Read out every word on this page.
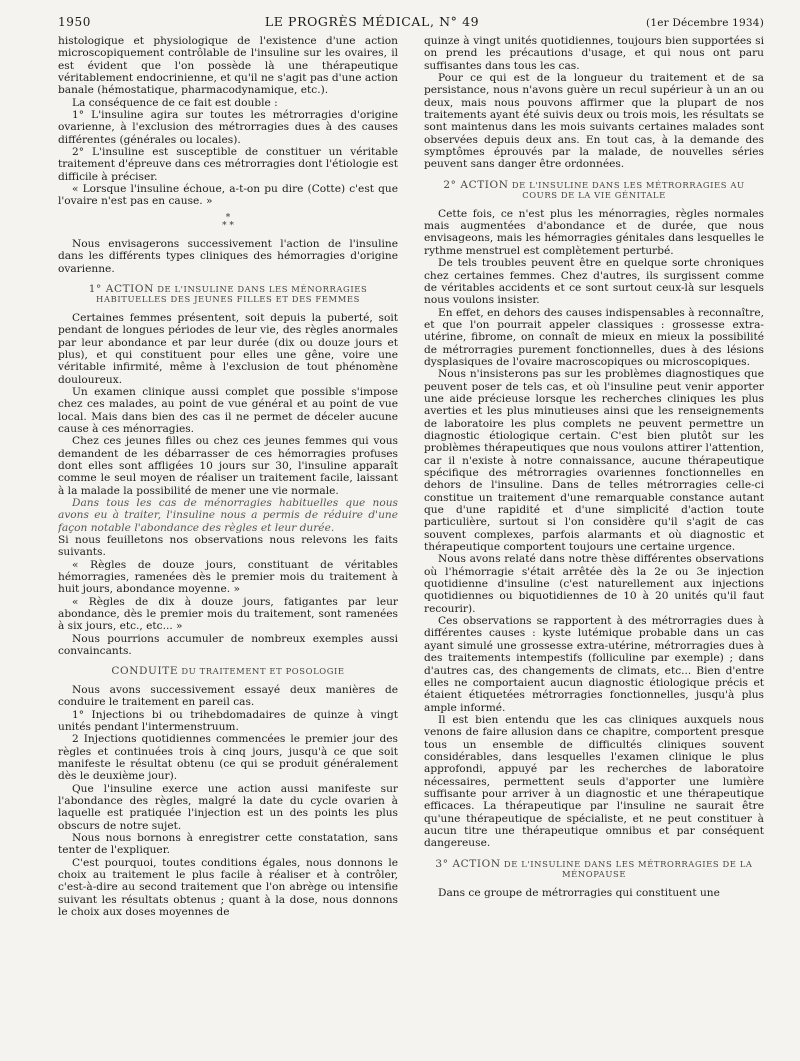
1950	LE PROGRÈS MÉDICAL, N° 49	(1er Décembre 1934)

histologique et physiologique de l'existence d'une action microscopiquement contrôlable de l'insuline sur les ovaires, il est évident que l'on possède là une thérapeutique véritablement endocrinienne, et qu'il ne s'agit pas d'une action banale (hémostatique, pharmacodynamique, etc.).

La conséquence de ce fait est double :

1° L'insuline agira sur toutes les métrorragies d'origine ovarienne, à l'exclusion des métrorragies dues à des causes différentes (générales ou locales).

2° L'insuline est susceptible de constituer un véritable traitement d'épreuve dans ces métrorragies dont l'étiologie est difficile à préciser.

« Lorsque l'insuline échoue, a-t-on pu dire (Cotte) c'est que l'ovaire n'est pas en cause. »

*
* *

Nous envisagerons successivement l'action de l'insuline dans les différents types cliniques des hémorragies d'origine ovarienne.

1° ACTION DE L'INSULINE DANS LES MÉNORRAGIES HABITUELLES DES JEUNES FILLES ET DES FEMMES

Certaines femmes présentent, soit depuis la puberté, soit pendant de longues périodes de leur vie, des règles anormales par leur abondance et par leur durée (dix ou douze jours et plus), et qui constituent pour elles une gêne, voire une véritable infirmité, même à l'exclusion de tout phénomène douloureux.

Un examen clinique aussi complet que possible s'impose chez ces malades, au point de vue général et au point de vue local. Mais dans bien des cas il ne permet de déceler aucune cause à ces ménorragies.

Chez ces jeunes filles ou chez ces jeunes femmes qui vous demandent de les débarrasser de ces hémorragies profuses dont elles sont affligées 10 jours sur 30, l'insuline apparaît comme le seul moyen de réaliser un traitement facile, laissant à la malade la possibilité de mener une vie normale.

Dans tous les cas de ménorragies habituelles que nous avons eu à traiter, l'insuline nous a permis de réduire d'une façon notable l'abondance des règles et leur durée.

Si nous feuilletons nos observations nous relevons les faits suivants.

« Règles de douze jours, constituant de véritables hémorragies, ramenées dès le premier mois du traitement à huit jours, abondance moyenne. »

« Règles de dix à douze jours, fatigantes par leur abondance, dès le premier mois du traitement, sont ramenées à six jours, etc., etc... »

Nous pourrions accumuler de nombreux exemples aussi convaincants.

CONDUITE DU TRAITEMENT ET POSOLOGIE

Nous avons successivement essayé deux manières de conduire le traitement en pareil cas.

1° Injections bi ou trihebdomadaires de quinze à vingt unités pendant l'intermenstruum.

2 Injections quotidiennes commencées le premier jour des règles et continuées trois à cinq jours, jusqu'à ce que soit manifeste le résultat obtenu (ce qui se produit généralement dès le deuxième jour).

Que l'insuline exerce une action aussi manifeste sur l'abondance des règles, malgré la date du cycle ovarien à laquelle est pratiquée l'injection est un des points les plus obscurs de notre sujet.

Nous nous bornons à enregistrer cette constatation, sans tenter de l'expliquer.

C'est pourquoi, toutes conditions égales, nous donnons le choix au traitement le plus facile à réaliser et à contrôler, c'est-à-dire au second traitement que l'on abrège ou intensifie suivant les résultats obtenus ; quant à la dose, nous donnons le choix aux doses moyennes de

quinze à vingt unités quotidiennes, toujours bien supportées si on prend les précautions d'usage, et qui nous ont paru suffisantes dans tous les cas.

Pour ce qui est de la longueur du traitement et de sa persistance, nous n'avons guère un recul supérieur à un an ou deux, mais nous pouvons affirmer que la plupart de nos traitements ayant été suivis deux ou trois mois, les résultats se sont maintenus dans les mois suivants certaines malades sont observées depuis deux ans. En tout cas, à la demande des symptômes éprouvés par la malade, de nouvelles séries peuvent sans danger être ordonnées.

2° ACTION DE L'INSULINE DANS LES MÉTRORRAGIES AU COURS DE LA VIE GÉNITALE

Cette fois, ce n'est plus les ménorragies, règles normales mais augmentées d'abondance et de durée, que nous envisageons, mais les hémorragies génitales dans lesquelles le rythme menstruel est complètement perturbé.

De tels troubles peuvent être en quelque sorte chroniques chez certaines femmes. Chez d'autres, ils surgissent comme de véritables accidents et ce sont surtout ceux-là sur lesquels nous voulons insister.

En effet, en dehors des causes indispensables à reconnaître, et que l'on pourrait appeler classiques : grossesse extra-utérine, fibrome, on connaît de mieux en mieux la possibilité de métrorragies purement fonctionnelles, dues à des lésions dysplasiques de l'ovaire macroscopiques ou microscopiques.

Nous n'insisterons pas sur les problèmes diagnostiques que peuvent poser de tels cas, et où l'insuline peut venir apporter une aide précieuse lorsque les recherches cliniques les plus averties et les plus minutieuses ainsi que les renseignements de laboratoire les plus complets ne peuvent permettre un diagnostic étiologique certain. C'est bien plutôt sur les problèmes thérapeutiques que nous voulons attirer l'attention, car il n'existe à notre connaissance, aucune thérapeutique spécifique des métrorragies ovariennes fonctionnelles en dehors de l'insuline. Dans de telles métrorragies celle-ci constitue un traitement d'une remarquable constance autant que d'une rapidité et d'une simplicité d'action toute particulière, surtout si l'on considère qu'il s'agit de cas souvent complexes, parfois alarmants et où diagnostic et thérapeutique comportent toujours une certaine urgence.

Nous avons relaté dans notre thèse différentes observations où l'hémorragie s'était arrêtée dès la 2e ou 3e injection quotidienne d'insuline (c'est naturellement aux injections quotidiennes ou biquotidiennes de 10 à 20 unités qu'il faut recourir).

Ces observations se rapportent à des métrorragies dues à différentes causes : kyste lutémique probable dans un cas ayant simulé une grossesse extra-utérine, métrorragies dues à des traitements intempestifs (folliculine par exemple) ; dans d'autres cas, des changements de climats, etc... Bien d'entre elles ne comportaient aucun diagnostic étiologique précis et étaient étiquetées métrorragies fonctionnelles, jusqu'à plus ample informé.

Il est bien entendu que les cas cliniques auxquels nous venons de faire allusion dans ce chapitre, comportent presque tous un ensemble de difficultés cliniques souvent considérables, dans lesquelles l'examen clinique le plus approfondi, appuyé par les recherches de laboratoire nécessaires, permettent seuls d'apporter une lumière suffisante pour arriver à un diagnostic et une thérapeutique efficaces. La thérapeutique par l'insuline ne saurait être qu'une thérapeutique de spécialiste, et ne peut constituer à aucun titre une thérapeutique omnibus et par conséquent dangereuse.

3° ACTION DE L'INSULINE DANS LES MÉTRORRAGIES DE LA MÉNOPAUSE

Dans ce groupe de métrorragies qui constituent une
